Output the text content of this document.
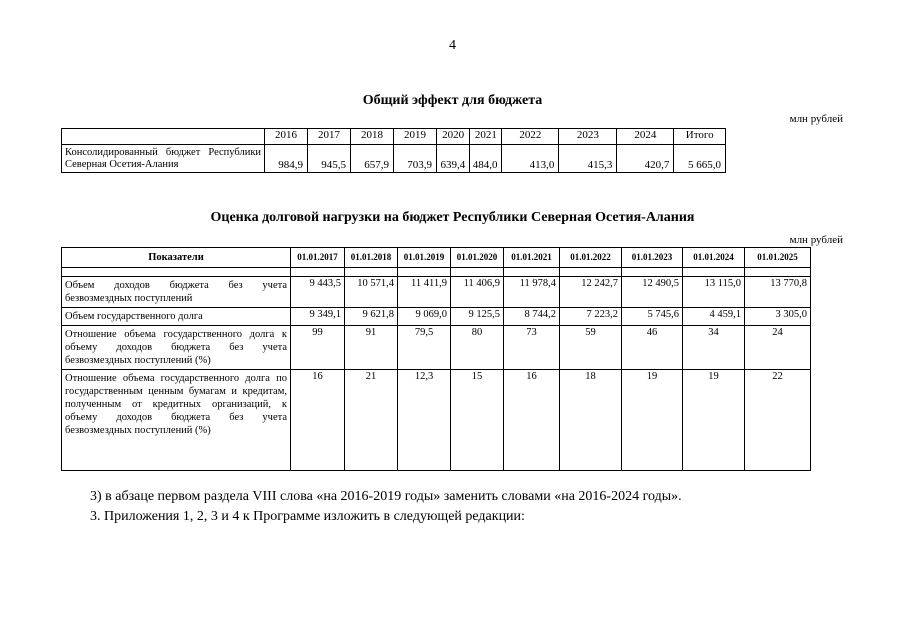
4
Общий эффект для бюджета
млн рублей
	2016	2017	2018	2019	2020	2021	2022	2023	2024	Итого
Консолидированный бюджет Республики Северная Осетия-Алания	984,9	945,5	657,9	703,9	639,4	484,0	413,0	415,3	420,7	5 665,0
Оценка долговой нагрузки на бюджет Республики Северная Осетия-Алания
млн рублей
Показатели	01.01.2017	01.01.2018	01.01.2019	01.01.2020	01.01.2021	01.01.2022	01.01.2023	01.01.2024	01.01.2025

Объем доходов бюджета без учета безвозмездных поступлений	9 443,5	10 571,4	11 411,9	11 406,9	11 978,4	12 242,7	12 490,5	13 115,0	13 770,8
Объем государственного долга	9 349,1	9 621,8	9 069,0	9 125,5	8 744,2	7 223,2	5 745,6	4 459,1	3 305,0
Отношение объема государственного долга к объему доходов бюджета без учета безвозмездных поступлений (%)	99	91	79,5	80	73	59	46	34	24
Отношение объема государственного долга по государственным ценным бумагам и кредитам, полученным от кредитных организаций, к объему доходов бюджета без учета безвозмездных поступлений (%)	16	21	12,3	15	16	18	19	19	22
3) в абзаце первом раздела VIII слова «на 2016-2019 годы» заменить словами «на 2016-2024 годы».
3. Приложения 1, 2, 3 и 4 к Программе изложить в следующей редакции:
